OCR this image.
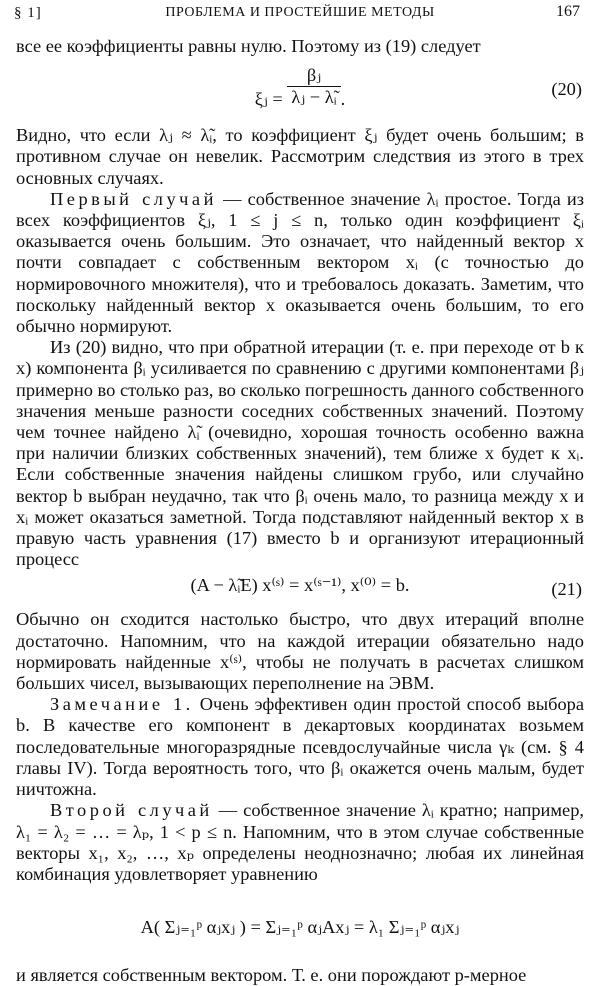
§ 1]	ПРОБЛЕМА И ПРОСТЕЙШИЕ МЕТОДЫ	167

все ее коэффициенты равны нулю. Поэтому из (19) следует

ξⱼ = $\frac{\text{βⱼ}}{\text{λⱼ − λ̃ᵢ}}$ .	(20)

Видно, что если λⱼ ≈ λ̃ᵢ, то коэффициент ξⱼ будет очень большим; в противном случае он невелик. Рассмотрим следствия из этого в трех основных случаях.

Первый случай — собственное значение λᵢ простое. Тогда из всех коэффициентов ξⱼ, 1 ≤ j ≤ n, только один коэффициент ξᵢ оказывается очень большим. Это означает, что найденный вектор x почти совпадает с собственным вектором xᵢ (с точностью до нормировочного множителя), что и требовалось доказать. Заметим, что поскольку найденный вектор x оказывается очень большим, то его обычно нормируют.

Из (20) видно, что при обратной итерации (т. е. при переходе от b к x) компонента βᵢ усиливается по сравнению с другими компонентами βⱼ примерно во столько раз, во сколько погрешность данного собственного значения меньше разности соседних собственных значений. Поэтому чем точнее найдено λ̃ᵢ (очевидно, хорошая точность особенно важна при наличии близких собственных значений), тем ближе x будет к xᵢ. Если собственные значения найдены слишком грубо, или случайно вектор b выбран неудачно, так что βᵢ очень мало, то разница между x и xᵢ может оказаться заметной. Тогда подставляют найденный вектор x в правую часть уравнения (17) вместо b и организуют итерационный процесс

(A − λ̃ᵢE) x⁽ˢ⁾ = x⁽ˢ⁻¹⁾, x⁽⁰⁾ = b.	(21)

Обычно он сходится настолько быстро, что двух итераций вполне достаточно. Напомним, что на каждой итерации обязательно надо нормировать найденные x⁽ˢ⁾, чтобы не получать в расчетах слишком больших чисел, вызывающих переполнение на ЭВМ.

Замечание 1. Очень эффективен один простой способ выбора b. В качестве его компонент в декартовых координатах возьмем последовательные многоразрядные псевдослучайные числа γₖ (см. § 4 главы IV). Тогда вероятность того, что βᵢ окажется очень малым, будет ничтожна.

Второй случай — собственное значение λᵢ кратно; например, λ₁ = λ₂ = … = λₚ, 1 < p ≤ n. Напомним, что в этом случае собственные векторы x₁, x₂, …, xₚ определены неоднозначно; любая их линейная комбинация удовлетворяет уравнению

A( Σⱼ₌₁ᵖ αⱼxⱼ ) = Σⱼ₌₁ᵖ αⱼAxⱼ = λ₁ Σⱼ₌₁ᵖ αⱼxⱼ

и является собственным вектором. Т. е. они порождают p-мерное
